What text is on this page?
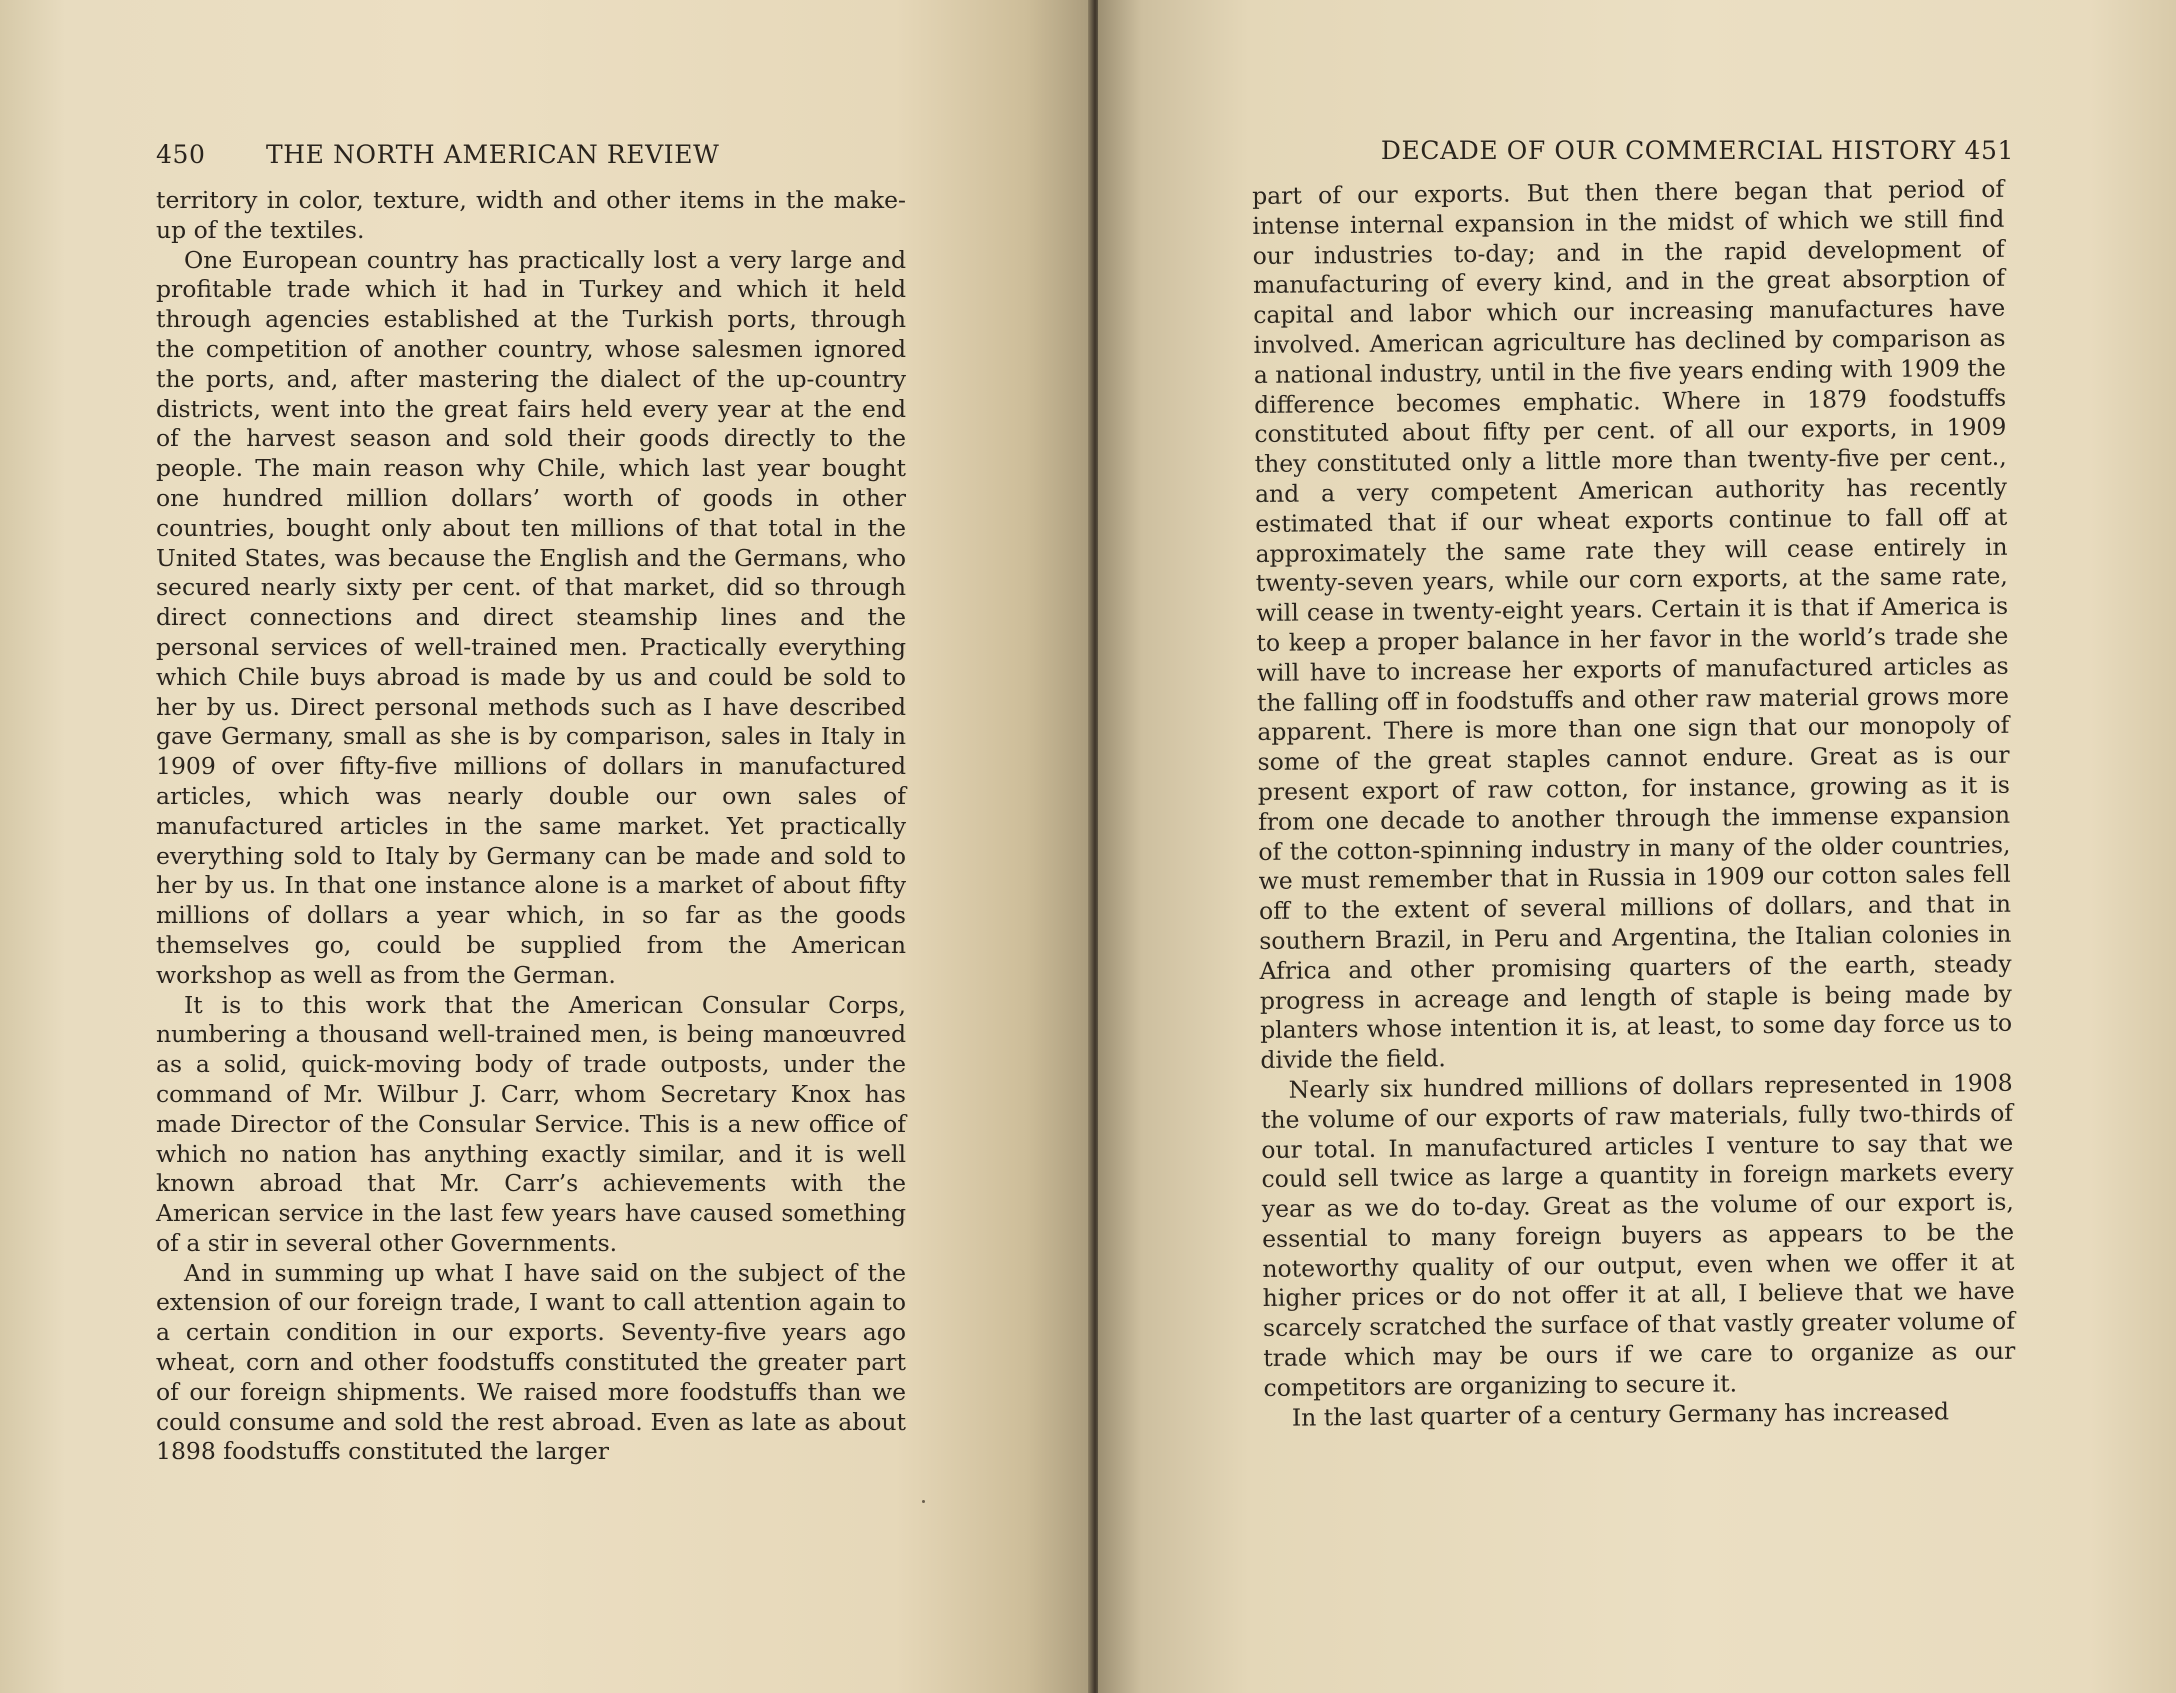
450 THE NORTH AMERICAN REVIEW

territory in color, texture, width and other items in the make-up of the textiles.

One European country has practically lost a very large and profitable trade which it had in Turkey and which it held through agencies established at the Turkish ports, through the competition of another country, whose salesmen ignored the ports, and, after mastering the dialect of the up-country districts, went into the great fairs held every year at the end of the harvest season and sold their goods directly to the people. The main reason why Chile, which last year bought one hundred million dollars’ worth of goods in other countries, bought only about ten millions of that total in the United States, was because the English and the Germans, who secured nearly sixty per cent. of that market, did so through direct connections and direct steamship lines and the personal services of well-trained men. Practically everything which Chile buys abroad is made by us and could be sold to her by us. Direct personal methods such as I have described gave Germany, small as she is by comparison, sales in Italy in 1909 of over fifty-five millions of dollars in manufactured articles, which was nearly double our own sales of manufactured articles in the same market. Yet practically everything sold to Italy by Germany can be made and sold to her by us. In that one instance alone is a market of about fifty millions of dollars a year which, in so far as the goods themselves go, could be supplied from the American workshop as well as from the German.

It is to this work that the American Consular Corps, numbering a thousand well-trained men, is being manœuvred as a solid, quick-moving body of trade outposts, under the command of Mr. Wilbur J. Carr, whom Secretary Knox has made Director of the Consular Service. This is a new office of which no nation has anything exactly similar, and it is well known abroad that Mr. Carr’s achievements with the American service in the last few years have caused something of a stir in several other Governments.

And in summing up what I have said on the subject of the extension of our foreign trade, I want to call attention again to a certain condition in our exports. Seventy-five years ago wheat, corn and other foodstuffs constituted the greater part of our foreign shipments. We raised more foodstuffs than we could consume and sold the rest abroad. Even as late as about 1898 foodstuffs constituted the larger

DECADE OF OUR COMMERCIAL HISTORY 451

part of our exports. But then there began that period of intense internal expansion in the midst of which we still find our industries to-day; and in the rapid development of manufacturing of every kind, and in the great absorption of capital and labor which our increasing manufactures have involved. American agriculture has declined by comparison as a national industry, until in the five years ending with 1909 the difference becomes emphatic. Where in 1879 foodstuffs constituted about fifty per cent. of all our exports, in 1909 they constituted only a little more than twenty-five per cent., and a very competent American authority has recently estimated that if our wheat exports continue to fall off at approximately the same rate they will cease entirely in twenty-seven years, while our corn exports, at the same rate, will cease in twenty-eight years. Certain it is that if America is to keep a proper balance in her favor in the world’s trade she will have to increase her exports of manufactured articles as the falling off in foodstuffs and other raw material grows more apparent. There is more than one sign that our monopoly of some of the great staples cannot endure. Great as is our present export of raw cotton, for instance, growing as it is from one decade to another through the immense expansion of the cotton-spinning industry in many of the older countries, we must remember that in Russia in 1909 our cotton sales fell off to the extent of several millions of dollars, and that in southern Brazil, in Peru and Argentina, the Italian colonies in Africa and other promising quarters of the earth, steady progress in acreage and length of staple is being made by planters whose intention it is, at least, to some day force us to divide the field.

Nearly six hundred millions of dollars represented in 1908 the volume of our exports of raw materials, fully two-thirds of our total. In manufactured articles I venture to say that we could sell twice as large a quantity in foreign markets every year as we do to-day. Great as the volume of our export is, essential to many foreign buyers as appears to be the noteworthy quality of our output, even when we offer it at higher prices or do not offer it at all, I believe that we have scarcely scratched the surface of that vastly greater volume of trade which may be ours if we care to organize as our competitors are organizing to secure it.

In the last quarter of a century Germany has increased
